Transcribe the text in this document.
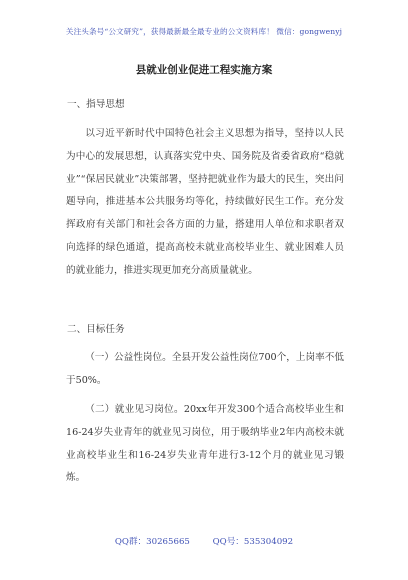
关注头条号“公文研究”，获得最新最全最专业的公文资料库！ 微信：gongwenyj
县就业创业促进工程实施方案
一、指导思想

以习近平新时代中国特色社会主义思想为指导，坚持以人民为中心的发展思想，认真落实党中央、国务院及省委省政府“稳就业”“保居民就业”决策部署，坚持把就业作为最大的民生，突出问题导向，推进基本公共服务均等化，持续做好民生工作。充分发挥政府有关部门和社会各方面的力量，搭建用人单位和求职者双向选择的绿色通道，提高高校未就业高校毕业生、就业困难人员的就业能力，推进实现更加充分高质量就业。

二、目标任务

（一）公益性岗位。全县开发公益性岗位700个，上岗率不低于50%。

（二）就业见习岗位。20xx年开发300个适合高校毕业生和16-24岁失业青年的就业见习岗位，用于吸纳毕业2年内高校未就业高校毕业生和16-24岁失业青年进行3-12个月的就业见习锻炼。

QQ群：30265665	QQ号：535304092
